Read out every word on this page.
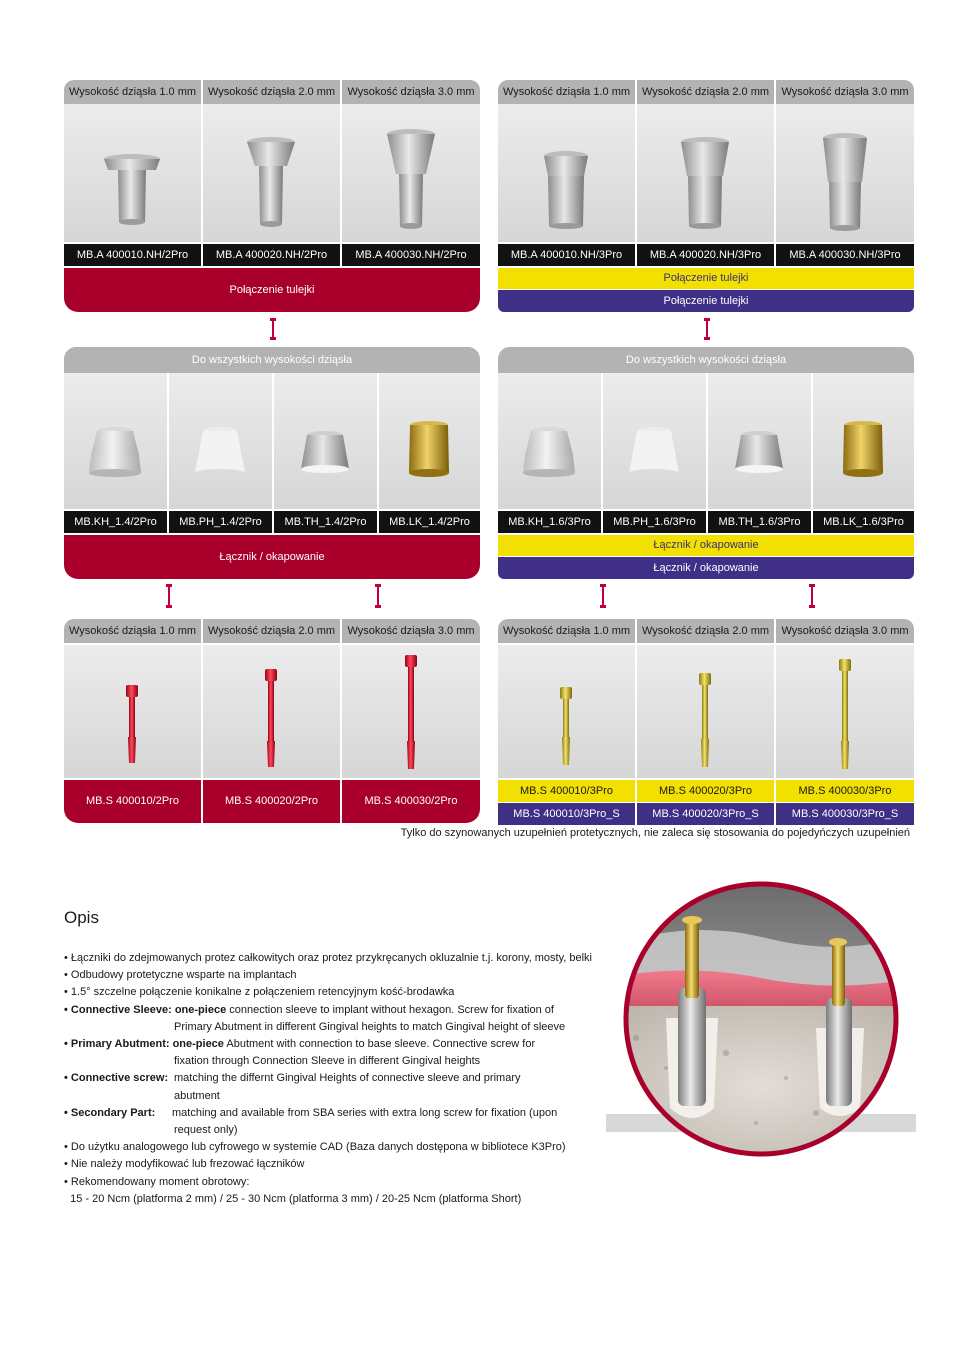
Wysokość dziąsła 1.0 mm	Wysokość dziąsła 2.0 mm	Wysokość dziąsła 3.0 mm
MB.A 400010.NH/2Pro	MB.A 400020.NH/2Pro	MB.A 400030.NH/2Pro
Połączenie tulejki
Wysokość dziąsła 1.0 mm	Wysokość dziąsła 2.0 mm	Wysokość dziąsła 3.0 mm
MB.A 400010.NH/3Pro	MB.A 400020.NH/3Pro	MB.A 400030.NH/3Pro
Połączenie tulejki
Połączenie tulejki
Do wszystkich wysokości dziąsła
MB.KH_1.4/2Pro	MB.PH_1.4/2Pro	MB.TH_1.4/2Pro	MB.LK_1.4/2Pro
Łącznik / okapowanie
Do wszystkich wysokości dziąsła
MB.KH_1.6/3Pro	MB.PH_1.6/3Pro	MB.TH_1.6/3Pro	MB.LK_1.6/3Pro
Łącznik / okapowanie
Łącznik / okapowanie
Wysokość dziąsła 1.0 mm	Wysokość dziąsła 2.0 mm	Wysokość dziąsła 3.0 mm
MB.S 400010/2Pro	MB.S 400020/2Pro	MB.S 400030/2Pro
Wysokość dziąsła 1.0 mm	Wysokość dziąsła 2.0 mm	Wysokość dziąsła 3.0 mm
MB.S 400010/3Pro	MB.S 400020/3Pro	MB.S 400030/3Pro
MB.S 400010/3Pro_S	MB.S 400020/3Pro_S	MB.S 400030/3Pro_S
Tylko do szynowanych uzupełnień protetycznych, nie zaleca się stosowania do pojedyńczych uzupełnień
Opis
• Łączniki do zdejmowanych protez całkowitych oraz protez przykręcanych okluzalnie t.j. korony, mosty, belki
• Odbudowy protetyczne wsparte na implantach
• 1.5° szczelne połączenie konikalne z połączeniem retencyjnym kość-brodawka
• Connective Sleeve: one-piece connection sleeve to implant without hexagon. Screw for fixation of
Primary Abutment in different Gingival heights to match Gingival height of sleeve
• Primary Abutment: one-piece Abutment with connection to base sleeve. Connective screw for
fixation through Connection Sleeve in different Gingival heights
• Connective screw: matching the differnt Gingival Heights of connective sleeve and primary
abutment
• Secondary Part: matching and available from SBA series with extra long screw for fixation (upon
request only)
• Do użytku analogowego lub cyfrowego w systemie CAD (Baza danych dostępona w bibliotece K3Pro)
• Nie należy modyfikować lub frezować łączników
• Rekomendowany moment obrotowy:
15 - 20 Ncm (platforma 2 mm) / 25 - 30 Ncm (platforma 3 mm) / 20-25 Ncm (platforma Short)
